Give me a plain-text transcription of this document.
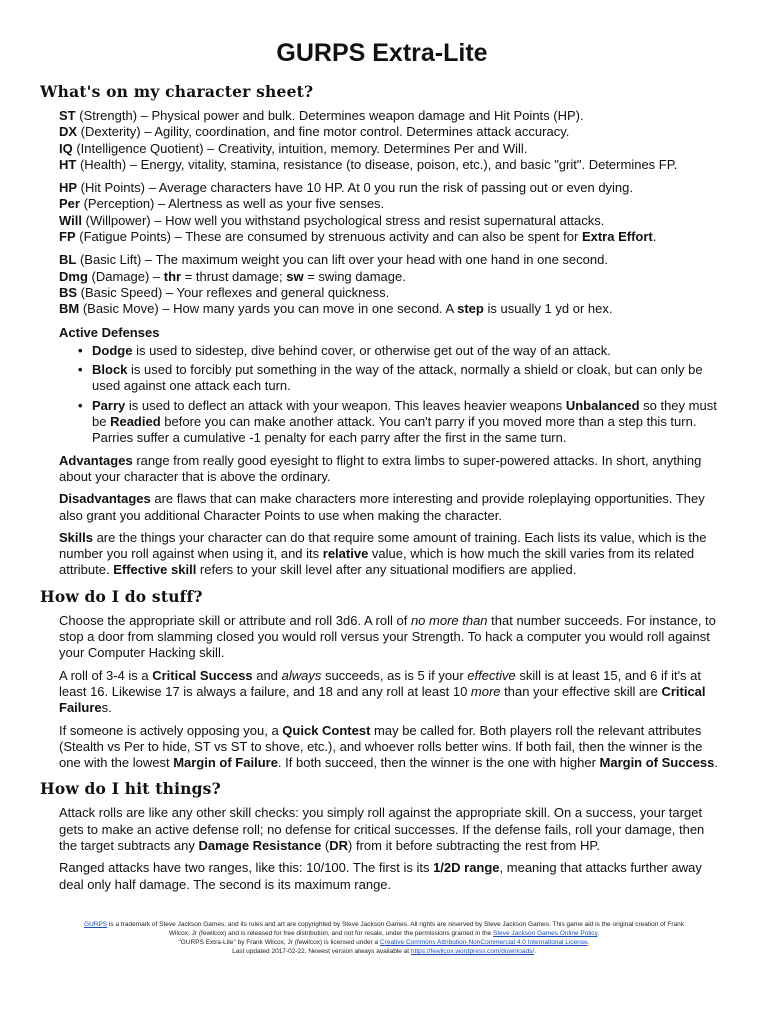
GURPS Extra-Lite
What's on my character sheet?
ST (Strength) – Physical power and bulk. Determines weapon damage and Hit Points (HP).
DX (Dexterity) – Agility, coordination, and fine motor control. Determines attack accuracy.
IQ (Intelligence Quotient) – Creativity, intuition, memory. Determines Per and Will.
HT (Health) – Energy, vitality, stamina, resistance (to disease, poison, etc.), and basic "grit". Determines FP.
HP (Hit Points) – Average characters have 10 HP. At 0 you run the risk of passing out or even dying.
Per (Perception) – Alertness as well as your five senses.
Will (Willpower) – How well you withstand psychological stress and resist supernatural attacks.
FP (Fatigue Points) – These are consumed by strenuous activity and can also be spent for Extra Effort.
BL (Basic Lift) – The maximum weight you can lift over your head with one hand in one second.
Dmg (Damage) – thr = thrust damage; sw = swing damage.
BS (Basic Speed) – Your reflexes and general quickness.
BM (Basic Move) – How many yards you can move in one second. A step is usually 1 yd or hex.
Active Defenses
• Dodge is used to sidestep, dive behind cover, or otherwise get out of the way of an attack.
• Block is used to forcibly put something in the way of the attack, normally a shield or cloak, but can only be used against one attack each turn.
• Parry is used to deflect an attack with your weapon. This leaves heavier weapons Unbalanced so they must be Readied before you can make another attack. You can't parry if you moved more than a step this turn. Parries suffer a cumulative -1 penalty for each parry after the first in the same turn.

Advantages range from really good eyesight to flight to extra limbs to super-powered attacks. In short, anything about your character that is above the ordinary.

Disadvantages are flaws that can make characters more interesting and provide roleplaying opportunities. They also grant you additional Character Points to use when making the character.

Skills are the things your character can do that require some amount of training. Each lists its value, which is the number you roll against when using it, and its relative value, which is how much the skill varies from its related attribute. Effective skill refers to your skill level after any situational modifiers are applied.

How do I do stuff?

Choose the appropriate skill or attribute and roll 3d6. A roll of no more than that number succeeds. For instance, to stop a door from slamming closed you would roll versus your Strength. To hack a computer you would roll against your Computer Hacking skill.

A roll of 3-4 is a Critical Success and always succeeds, as is 5 if your effective skill is at least 15, and 6 if it's at least 16. Likewise 17 is always a failure, and 18 and any roll at least 10 more than your effective skill are Critical Failures.

If someone is actively opposing you, a Quick Contest may be called for. Both players roll the relevant attributes (Stealth vs Per to hide, ST vs ST to shove, etc.), and whoever rolls better wins. If both fail, then the winner is the one with the lowest Margin of Failure. If both succeed, then the winner is the one with higher Margin of Success.

How do I hit things?

Attack rolls are like any other skill checks: you simply roll against the appropriate skill. On a success, your target gets to make an active defense roll; no defense for critical successes. If the defense fails, roll your damage, then the target subtracts any Damage Resistance (DR) from it before subtracting the rest from HP.

Ranged attacks have two ranges, like this: 10/100. The first is its 1/2D range, meaning that attacks further away deal only half damage. The second is its maximum range.

GURPS is a trademark of Steve Jackson Games, and its rules and art are copyrighted by Steve Jackson Games. All rights are reserved by Steve Jackson Games. This game aid is the original creation of Frank Wilcox, Jr (fewilcox) and is released for free distribution, and not for resale, under the permissions granted in the Steve Jackson Games Online Policy.
"GURPS Extra-Lite" by Frank Wilcox, Jr (fewilcox) is licensed under a Creative Commons Attribution-NonCommercial 4.0 International License.
Last updated 2017-02-22. Newest version always available at https://fewilcox.wordpress.com/downloads/.
